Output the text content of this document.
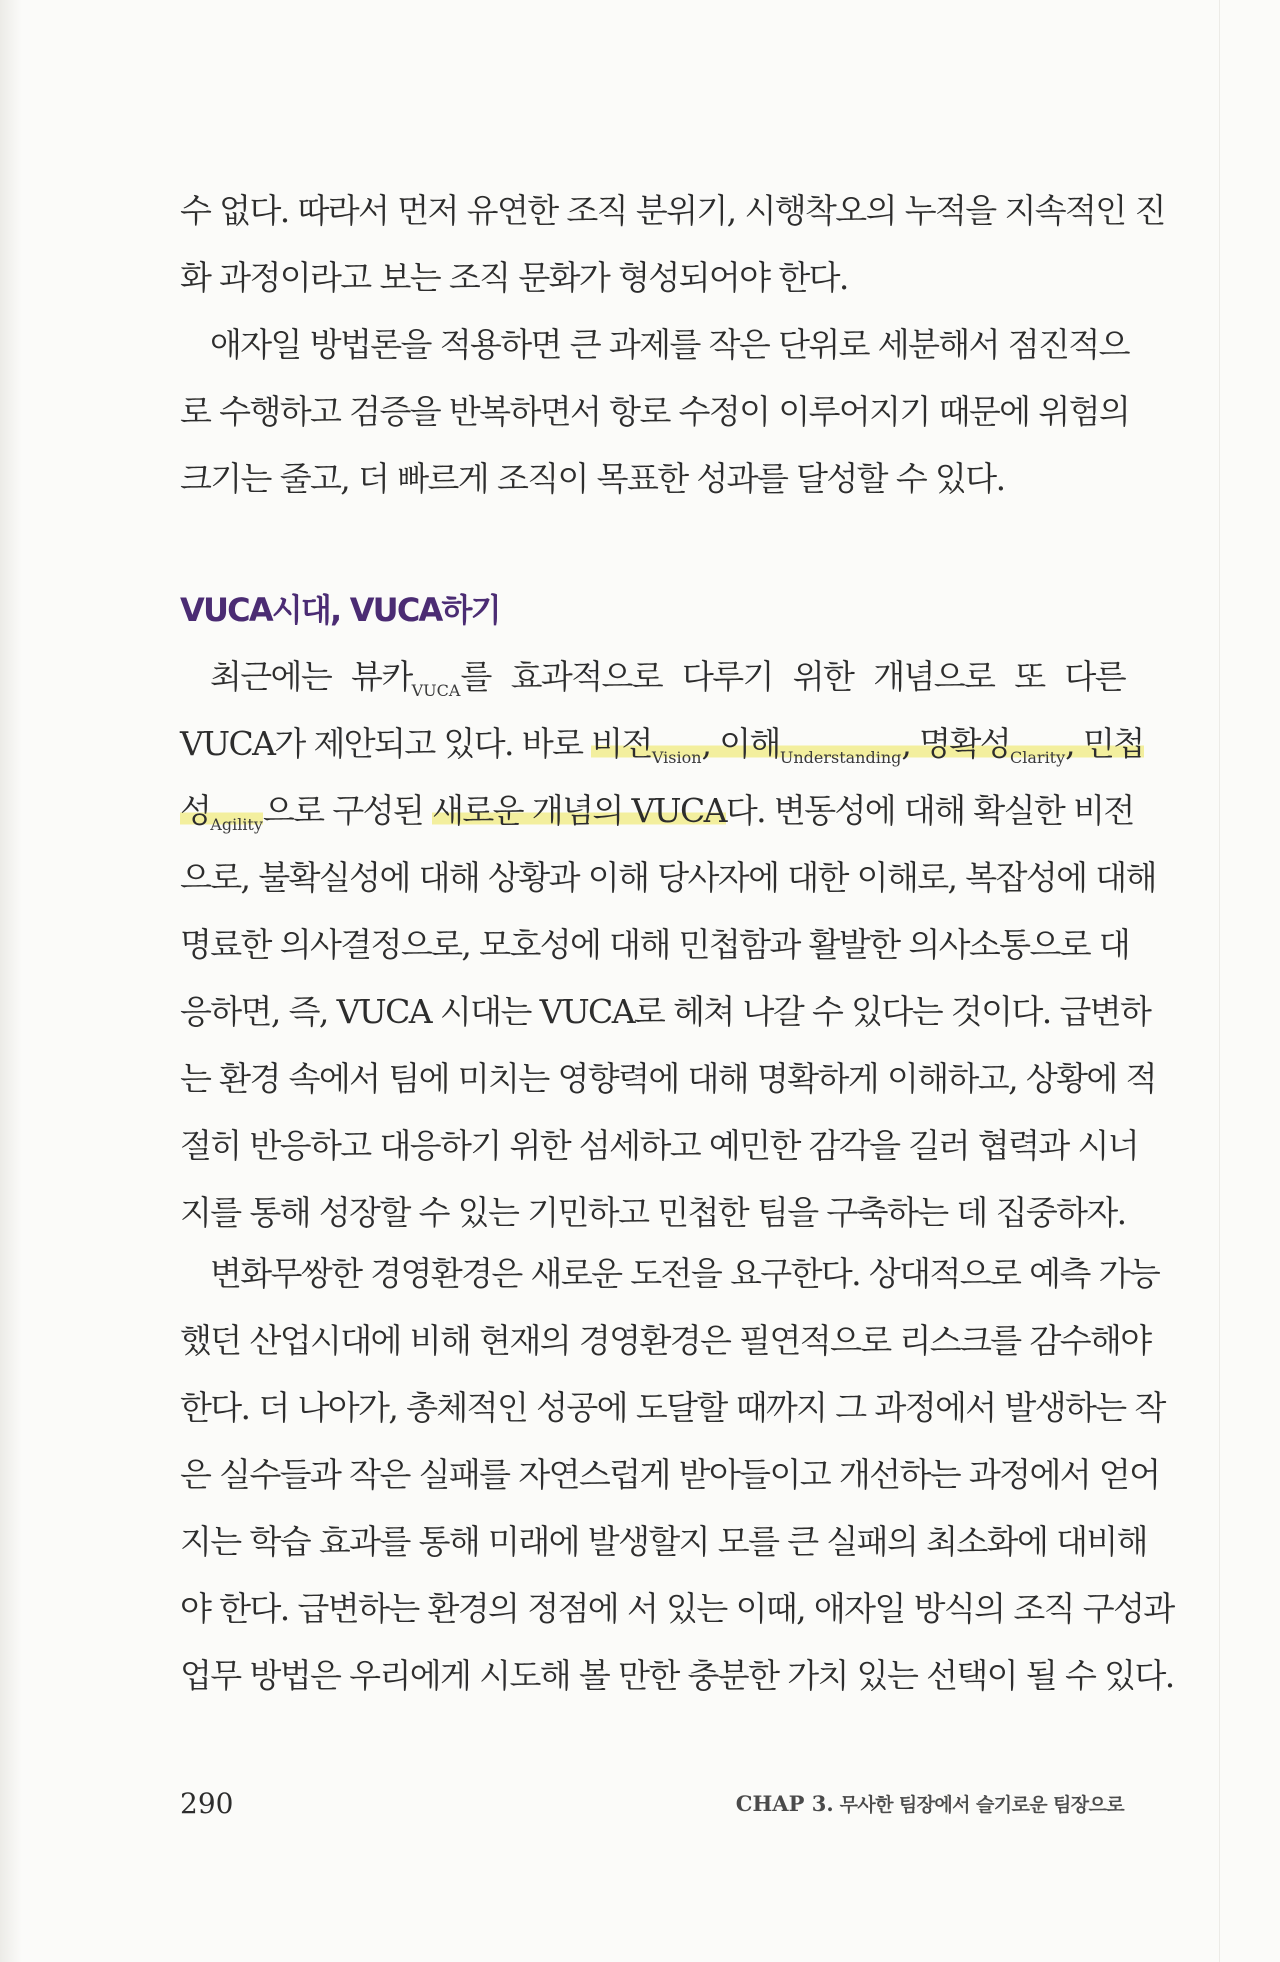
수 없다. 따라서 먼저 유연한 조직 분위기, 시행착오의 누적을 지속적인 진
화 과정이라고 보는 조직 문화가 형성되어야 한다.
애자일 방법론을 적용하면 큰 과제를 작은 단위로 세분해서 점진적으
로 수행하고 검증을 반복하면서 항로 수정이 이루어지기 때문에 위험의
크기는 줄고, 더 빠르게 조직이 목표한 성과를 달성할 수 있다.
VUCA시대, VUCA하기
최근에는 뷰카$_{VUCA}$를 효과적으로 다루기 위한 개념으로 또 다른
VUCA가 제안되고 있다. 바로 비전$_{Vision}$, 이해$_{Understanding}$, 명확성$_{Clarity}$, 민첩
성$_{Agility}$으로 구성된 새로운 개념의 VUCA다. 변동성에 대해 확실한 비전
으로, 불확실성에 대해 상황과 이해 당사자에 대한 이해로, 복잡성에 대해
명료한 의사결정으로, 모호성에 대해 민첩함과 활발한 의사소통으로 대
응하면, 즉, VUCA 시대는 VUCA로 헤쳐 나갈 수 있다는 것이다. 급변하
는 환경 속에서 팀에 미치는 영향력에 대해 명확하게 이해하고, 상황에 적
절히 반응하고 대응하기 위한 섬세하고 예민한 감각을 길러 협력과 시너
지를 통해 성장할 수 있는 기민하고 민첩한 팀을 구축하는 데 집중하자.
변화무쌍한 경영환경은 새로운 도전을 요구한다. 상대적으로 예측 가능
했던 산업시대에 비해 현재의 경영환경은 필연적으로 리스크를 감수해야
한다. 더 나아가, 총체적인 성공에 도달할 때까지 그 과정에서 발생하는 작
은 실수들과 작은 실패를 자연스럽게 받아들이고 개선하는 과정에서 얻어
지는 학습 효과를 통해 미래에 발생할지 모를 큰 실패의 최소화에 대비해
야 한다. 급변하는 환경의 정점에 서 있는 이때, 애자일 방식의 조직 구성과
업무 방법은 우리에게 시도해 볼 만한 충분한 가치 있는 선택이 될 수 있다.
290	CHAP 3. 무사한 팀장에서 슬기로운 팀장으로
